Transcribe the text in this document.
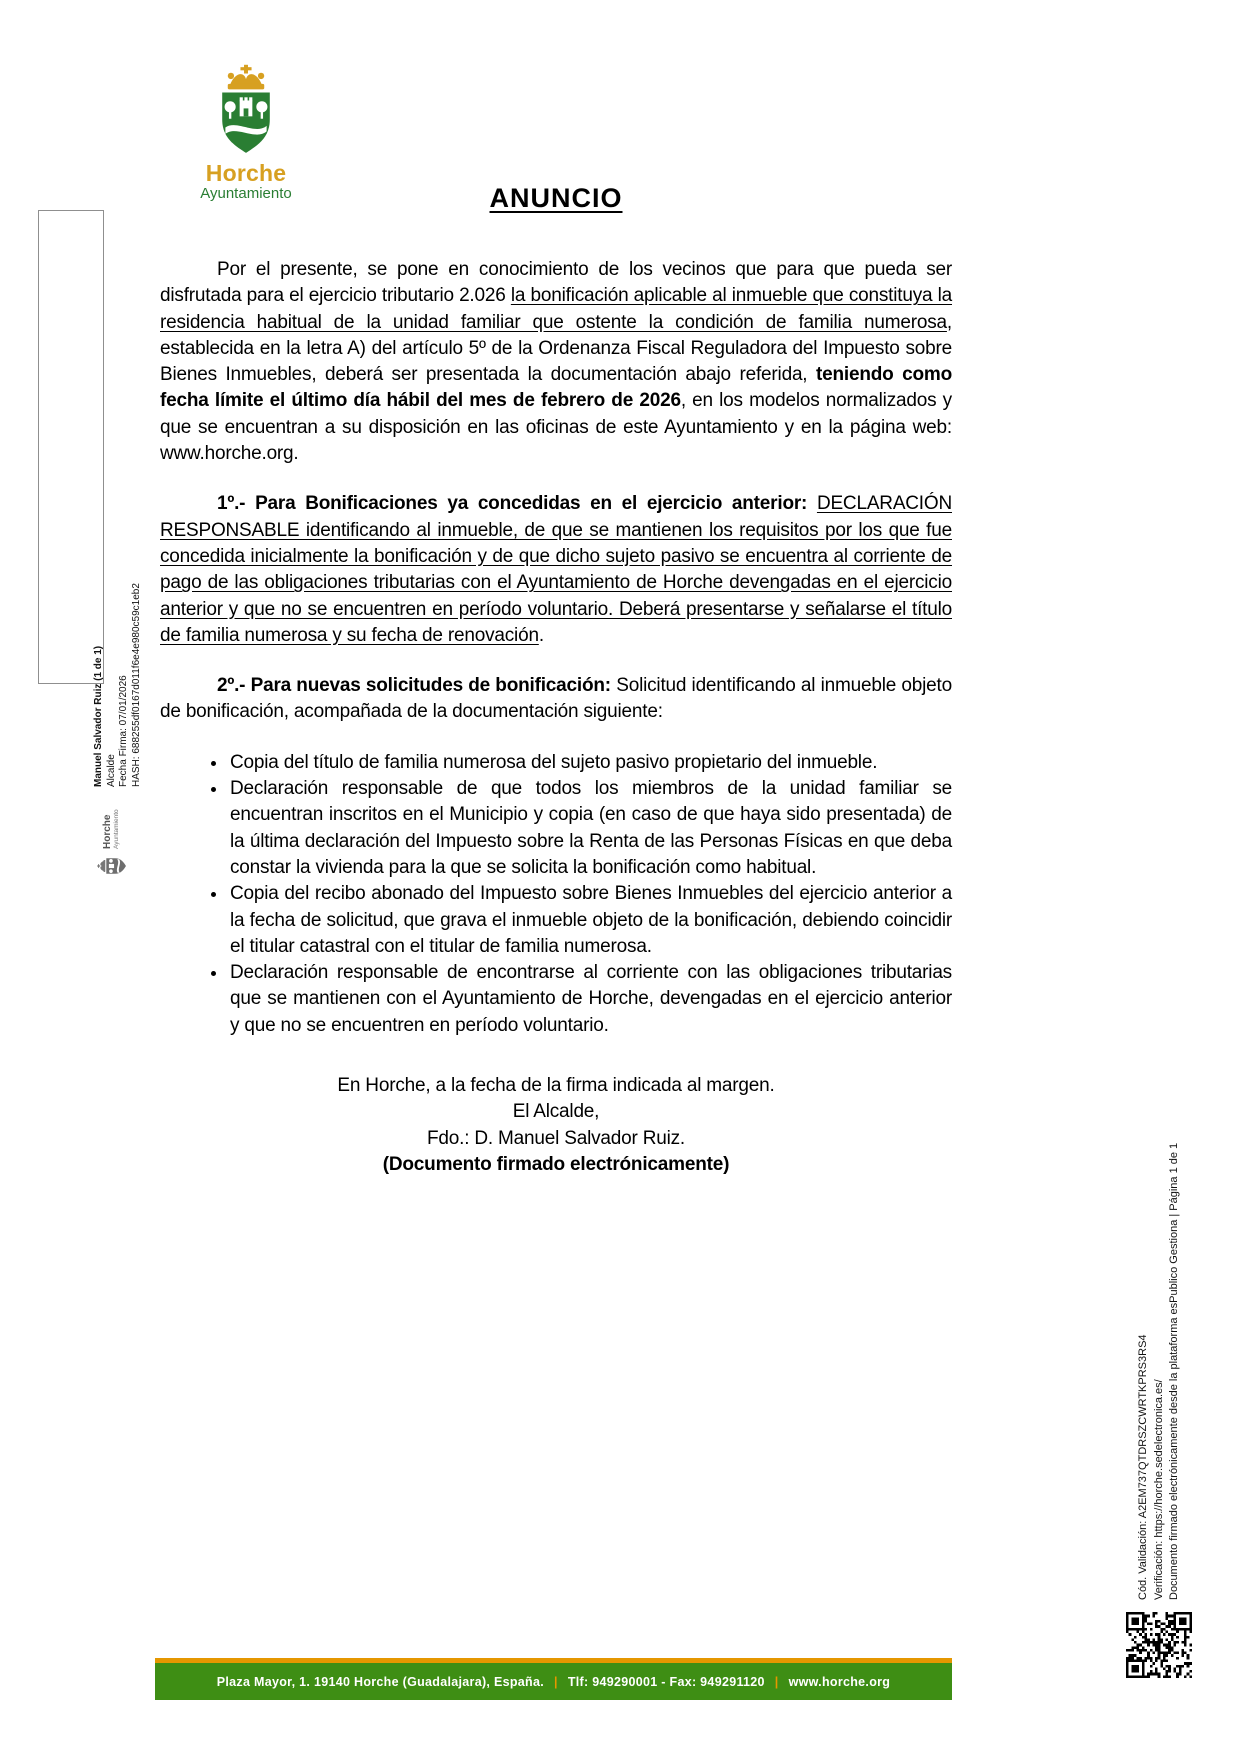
Horche
Ayuntamiento
Manuel Salvador Ruiz (1 de 1) Alcalde Fecha Firma: 07/01/2026 HASH: 688255df0167d011f6e4e980c59c1eb2
Horche Ayuntamiento
ANUNCIO

Por el presente, se pone en conocimiento de los vecinos que para que pueda ser disfrutada para el ejercicio tributario 2.026 la bonificación aplicable al inmueble que constituya la residencia habitual de la unidad familiar que ostente la condición de familia numerosa, establecida en la letra A) del artículo 5º de la Ordenanza Fiscal Reguladora del Impuesto sobre Bienes Inmuebles, deberá ser presentada la documentación abajo referida, teniendo como fecha límite el último día hábil del mes de febrero de 2026, en los modelos normalizados y que se encuentran a su disposición en las oficinas de este Ayuntamiento y en la página web: www.horche.org.

1º.- Para Bonificaciones ya concedidas en el ejercicio anterior: DECLARACIÓN RESPONSABLE identificando al inmueble, de que se mantienen los requisitos por los que fue concedida inicialmente la bonificación y de que dicho sujeto pasivo se encuentra al corriente de pago de las obligaciones tributarias con el Ayuntamiento de Horche devengadas en el ejercicio anterior y que no se encuentren en período voluntario. Deberá presentarse y señalarse el título de familia numerosa y su fecha de renovación.

2º.- Para nuevas solicitudes de bonificación: Solicitud identificando al inmueble objeto de bonificación, acompañada de la documentación siguiente:

• Copia del título de familia numerosa del sujeto pasivo propietario del inmueble.
• Declaración responsable de que todos los miembros de la unidad familiar se encuentran inscritos en el Municipio y copia (en caso de que haya sido presentada) de la última declaración del Impuesto sobre la Renta de las Personas Físicas en que deba constar la vivienda para la que se solicita la bonificación como habitual.
• Copia del recibo abonado del Impuesto sobre Bienes Inmuebles del ejercicio anterior a la fecha de solicitud, que grava el inmueble objeto de la bonificación, debiendo coincidir el titular catastral con el titular de familia numerosa.
• Declaración responsable de encontrarse al corriente con las obligaciones tributarias que se mantienen con el Ayuntamiento de Horche, devengadas en el ejercicio anterior y que no se encuentren en período voluntario.
En Horche, a la fecha de la firma indicada al margen.
El Alcalde,
Fdo.: D. Manuel Salvador Ruiz.
(Documento firmado electrónicamente)
Cód. Validación: A2EM737QTDRSZCWRTKPRS3RS4 Verificación: https://horche.sedelectronica.es/ Documento firmado electrónicamente desde la plataforma esPublico Gestiona | Página 1 de 1
Plaza Mayor, 1. 19140 Horche (Guadalajara), España. | Tlf: 949290001 - Fax: 949291120 | www.horche.org
